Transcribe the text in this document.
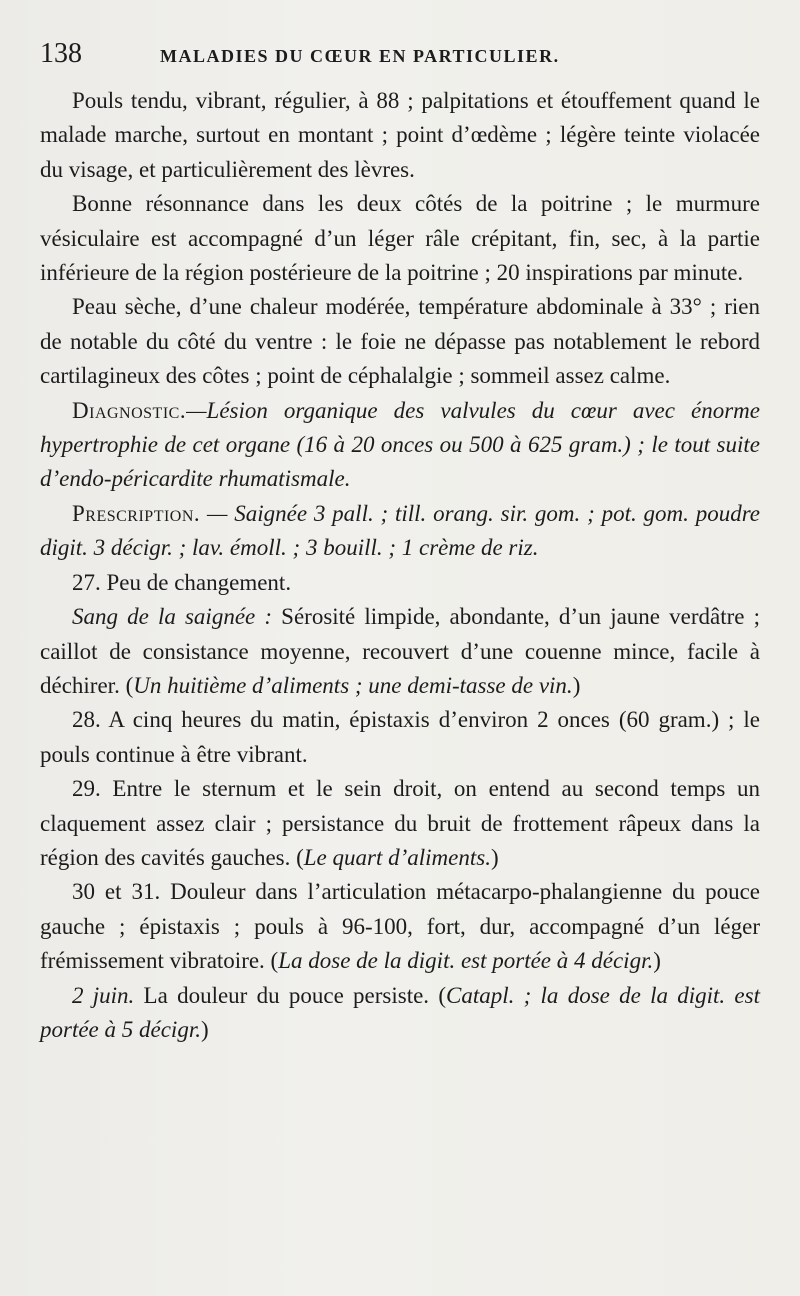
138	MALADIES DU CŒUR EN PARTICULIER.

Pouls tendu, vibrant, régulier, à 88 ; palpitations et étouffement quand le malade marche, surtout en montant ; point d’œdème ; légère teinte violacée du visage, et particulièrement des lèvres.

Bonne résonnance dans les deux côtés de la poitrine ; le murmure vésiculaire est accompagné d’un léger râle crépitant, fin, sec, à la partie inférieure de la région postérieure de la poitrine ; 20 inspirations par minute.

Peau sèche, d’une chaleur modérée, température abdominale à 33° ; rien de notable du côté du ventre : le foie ne dépasse pas notablement le rebord cartilagineux des côtes ; point de céphalalgie ; sommeil assez calme.

Diagnostic.—Lésion organique des valvules du cœur avec énorme hypertrophie de cet organe (16 à 20 onces ou 500 à 625 gram.) ; le tout suite d’endo-péricardite rhumatismale.

Prescription. — Saignée 3 pall. ; till. orang. sir. gom. ; pot. gom. poudre digit. 3 décigr. ; lav. émoll. ; 3 bouill. ; 1 crème de riz.

27. Peu de changement.

Sang de la saignée : Sérosité limpide, abondante, d’un jaune verdâtre ; caillot de consistance moyenne, recouvert d’une couenne mince, facile à déchirer. (Un huitième d’aliments ; une demi-tasse de vin.)

28. A cinq heures du matin, épistaxis d’environ 2 onces (60 gram.) ; le pouls continue à être vibrant.

29. Entre le sternum et le sein droit, on entend au second temps un claquement assez clair ; persistance du bruit de frottement râpeux dans la région des cavités gauches. (Le quart d’aliments.)

30 et 31. Douleur dans l’articulation métacarpo-phalangienne du pouce gauche ; épistaxis ; pouls à 96-100, fort, dur, accompagné d’un léger frémissement vibratoire. (La dose de la digit. est portée à 4 décigr.)

2 juin. La douleur du pouce persiste. (Catapl. ; la dose de la digit. est portée à 5 décigr.)
